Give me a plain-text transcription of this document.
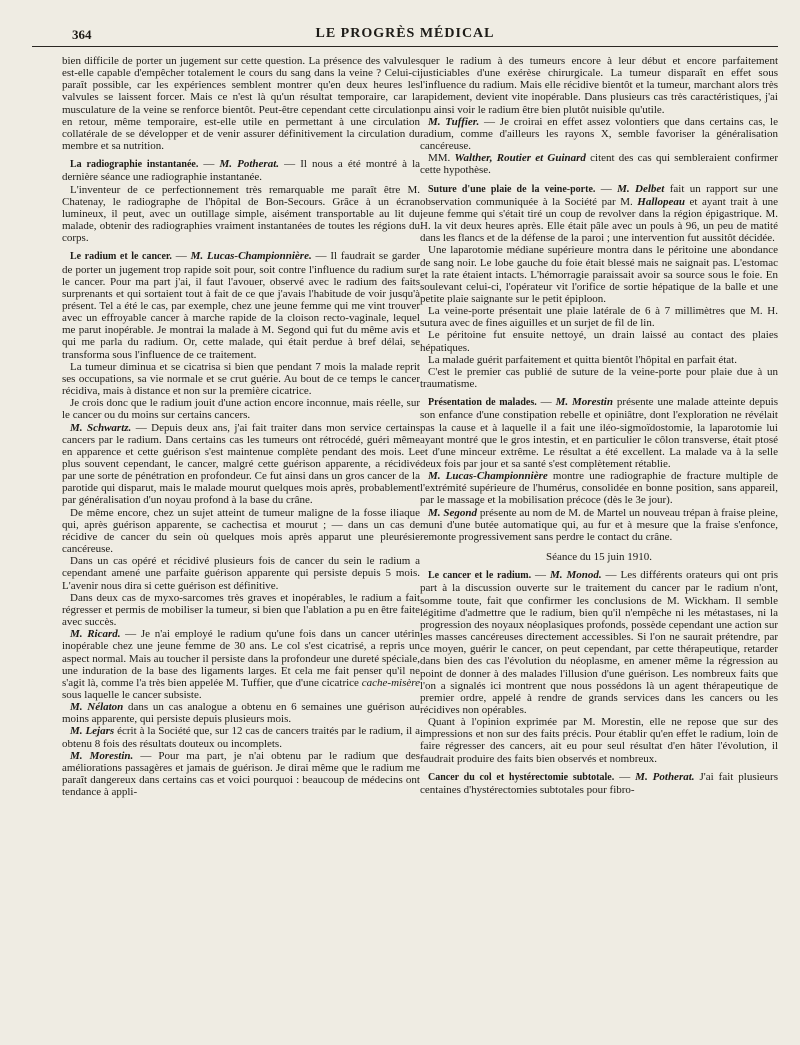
364	LE PROGRÈS MÉDICAL

bien difficile de porter un jugement sur cette question. La présence des valvules est-elle capable d'empêcher totalement le cours du sang dans la veine ? Celui-ci paraît possible, car les expériences semblent montrer qu'en deux heures les valvules se laissent forcer. Mais ce n'est là qu'un résultat temporaire, car la musculature de la veine se renforce bientôt. Peut-être cependant cette circulation en retour, même temporaire, est-elle utile en permettant à une circulation collatérale de se développer et de venir assurer définitivement la circulation du membre et sa nutrition.

La radiographie instantanée. — M. Potherat. — Il nous a été montré à la dernière séance une radiographie instantanée.

L'inventeur de ce perfectionnement très remarquable me paraît être M. Chatenay, le radiographe de l'hôpital de Bon-Secours. Grâce à un écran lumineux, il peut, avec un outillage simple, aisément transportable au lit du malade, obtenir des radiographies vraiment instantanées de toutes les régions du corps.

Le radium et le cancer. — M. Lucas-Championnière. — Il faudrait se garder de porter un jugement trop rapide soit pour, soit contre l'influence du radium sur le cancer. Pour ma part j'ai, il faut l'avouer, observé avec le radium des faits surprenants et qui sortaient tout à fait de ce que j'avais l'habitude de voir jusqu'à présent. Tel a été le cas, par exemple, chez une jeune femme qui me vint trouver avec un effroyable cancer à marche rapide de la cloison recto-vaginale, lequel me parut inopérable. Je montrai la malade à M. Segond qui fut du même avis et qui me parla du radium. Or, cette malade, qui était perdue à bref délai, se transforma sous l'influence de ce traitement.

La tumeur diminua et se cicatrisa si bien que pendant 7 mois la malade reprit ses occupations, sa vie normale et se crut guérie. Au bout de ce temps le cancer récidiva, mais à distance et non sur la première cicatrice.

Je crois donc que le radium jouit d'une action encore inconnue, mais réelle, sur le cancer ou du moins sur certains cancers.

M. Schwartz. — Depuis deux ans, j'ai fait traiter dans mon service certains cancers par le radium. Dans certains cas les tumeurs ont rétrocédé, guéri même en apparence et cette guérison s'est maintenue complète pendant des mois. Le plus souvent cependant, le cancer, malgré cette guérison apparente, a récidivé par une sorte de pénétration en profondeur. Ce fut ainsi dans un gros cancer de la parotide qui disparut, mais le malade mourut quelques mois après, probablement par généralisation d'un noyau profond à la base du crâne.

De même encore, chez un sujet atteint de tumeur maligne de la fosse iliaque qui, après guérison apparente, se cachectisa et mourut ; — dans un cas de récidive de cancer du sein où quelques mois après apparut une pleurésie cancéreuse.

Dans un cas opéré et récidivé plusieurs fois de cancer du sein le radium a cependant amené une parfaite guérison apparente qui persiste depuis 5 mois. L'avenir nous dira si cette guérison est définitive.

Dans deux cas de myxo-sarcomes très graves et inopérables, le radium a fait régresser et permis de mobiliser la tumeur, si bien que l'ablation a pu en être faite avec succès.

M. Ricard. — Je n'ai employé le radium qu'une fois dans un cancer utérin inopérable chez une jeune femme de 30 ans. Le col s'est cicatrisé, a repris un aspect normal. Mais au toucher il persiste dans la profondeur une dureté spéciale, une induration de la base des ligaments larges. Et cela me fait penser qu'il ne s'agit là, comme l'a très bien appelée M. Tuffier, que d'une cicatrice cache-misère sous laquelle le cancer subsiste.

M. Nélaton dans un cas analogue a obtenu en 6 semaines une guérison au moins apparente, qui persiste depuis plusieurs mois.

M. Lejars écrit à la Société que, sur 12 cas de cancers traités par le radium, il a obtenu 8 fois des résultats douteux ou incomplets.

M. Morestin. — Pour ma part, je n'ai obtenu par le radium que des améliorations passagères et jamais de guérison. Je dirai même que le radium me paraît dangereux dans certains cas et voici pourquoi : beaucoup de médecins ont tendance à appli-

quer le radium à des tumeurs encore à leur début et encore parfaitement justiciables d'une exérèse chirurgicale. La tumeur disparaît en effet sous l'influence du radium. Mais elle récidive bientôt et la tumeur, marchant alors très rapidement, devient vite inopérable. Dans plusieurs cas très caractéristiques, j'ai pu ainsi voir le radium être bien plutôt nuisible qu'utile.

M. Tuffier. — Je croirai en effet assez volontiers que dans certains cas, le radium, comme d'ailleurs les rayons X, semble favoriser la généralisation cancéreuse.

MM. Walther, Routier et Guinard citent des cas qui sembleraient confirmer cette hypothèse.

Suture d'une plaie de la veine-porte. — M. Delbet fait un rapport sur une observation communiquée à la Société par M. Hallopeau et ayant trait à une jeune femme qui s'était tiré un coup de revolver dans la région épigastrique. M. H. la vit deux heures après. Elle était pâle avec un pouls à 96, un peu de matité dans les flancs et de la défense de la paroi ; une intervention fut aussitôt décidée.

Une laparotomie médiane supérieure montra dans le péritoine une abondance de sang noir. Le lobe gauche du foie était blessé mais ne saignait pas. L'estomac et la rate étaient intacts. L'hémorragie paraissait avoir sa source sous le foie. En soulevant celui-ci, l'opérateur vit l'orifice de sortie hépatique de la balle et une petite plaie saignante sur le petit épiploon.

La veine-porte présentait une plaie latérale de 6 à 7 millimètres que M. H. sutura avec de fines aiguilles et un surjet de fil de lin.

Le péritoine fut ensuite nettoyé, un drain laissé au contact des plaies hépatiques.

La malade guérit parfaitement et quitta bientôt l'hôpital en parfait état.

C'est le premier cas publié de suture de la veine-porte pour plaie due à un traumatisme.

Présentation de malades. — M. Morestin présente une malade atteinte depuis son enfance d'une constipation rebelle et opiniâtre, dont l'exploration ne révélait pas la cause et à laquelle il a fait une iléo-sigmoïdostomie, la laparotomie lui ayant montré que le gros intestin, et en particulier le côlon transverse, était ptosé et d'une minceur extrême. Le résultat a été excellent. La malade va à la selle deux fois par jour et sa santé s'est complètement rétablie.

M. Lucas-Championnière montre une radiographie de fracture multiple de l'extrémité supérieure de l'humérus, consolidée en bonne position, sans appareil, par le massage et la mobilisation précoce (dès le 3e jour).

M. Segond présente au nom de M. de Martel un nouveau trépan à fraise pleine, muni d'une butée automatique qui, au fur et à mesure que la fraise s'enfonce, remonte progressivement sans perdre le contact du crâne.

Séance du 15 juin 1910.

Le cancer et le radium. — M. Monod. — Les différents orateurs qui ont pris part à la discussion ouverte sur le traitement du cancer par le radium n'ont, somme toute, fait que confirmer les conclusions de M. Wickham. Il semble légitime d'admettre que le radium, bien qu'il n'empêche ni les métastases, ni la progression des noyaux néoplasiques profonds, possède cependant une action sur les masses cancéreuses directement accessibles. Si l'on ne saurait prétendre, par ce moyen, guérir le cancer, on peut cependant, par cette thérapeutique, retarder dans bien des cas l'évolution du néoplasme, en amener même la régression au point de donner à des malades l'illusion d'une guérison. Les nombreux faits que l'on a signalés ici montrent que nous possédons là un agent thérapeutique de premier ordre, appelé à rendre de grands services dans les cancers ou les récidives non opérables.

Quant à l'opinion exprimée par M. Morestin, elle ne repose que sur des impressions et non sur des faits précis. Pour établir qu'en effet le radium, loin de faire régresser des cancers, ait eu pour seul résultat d'en hâter l'évolution, il faudrait produire des faits bien observés et nombreux.

Cancer du col et hystérectomie subtotale. — M. Potherat. J'ai fait plusieurs centaines d'hystérectomies subtotales pour fibro-
